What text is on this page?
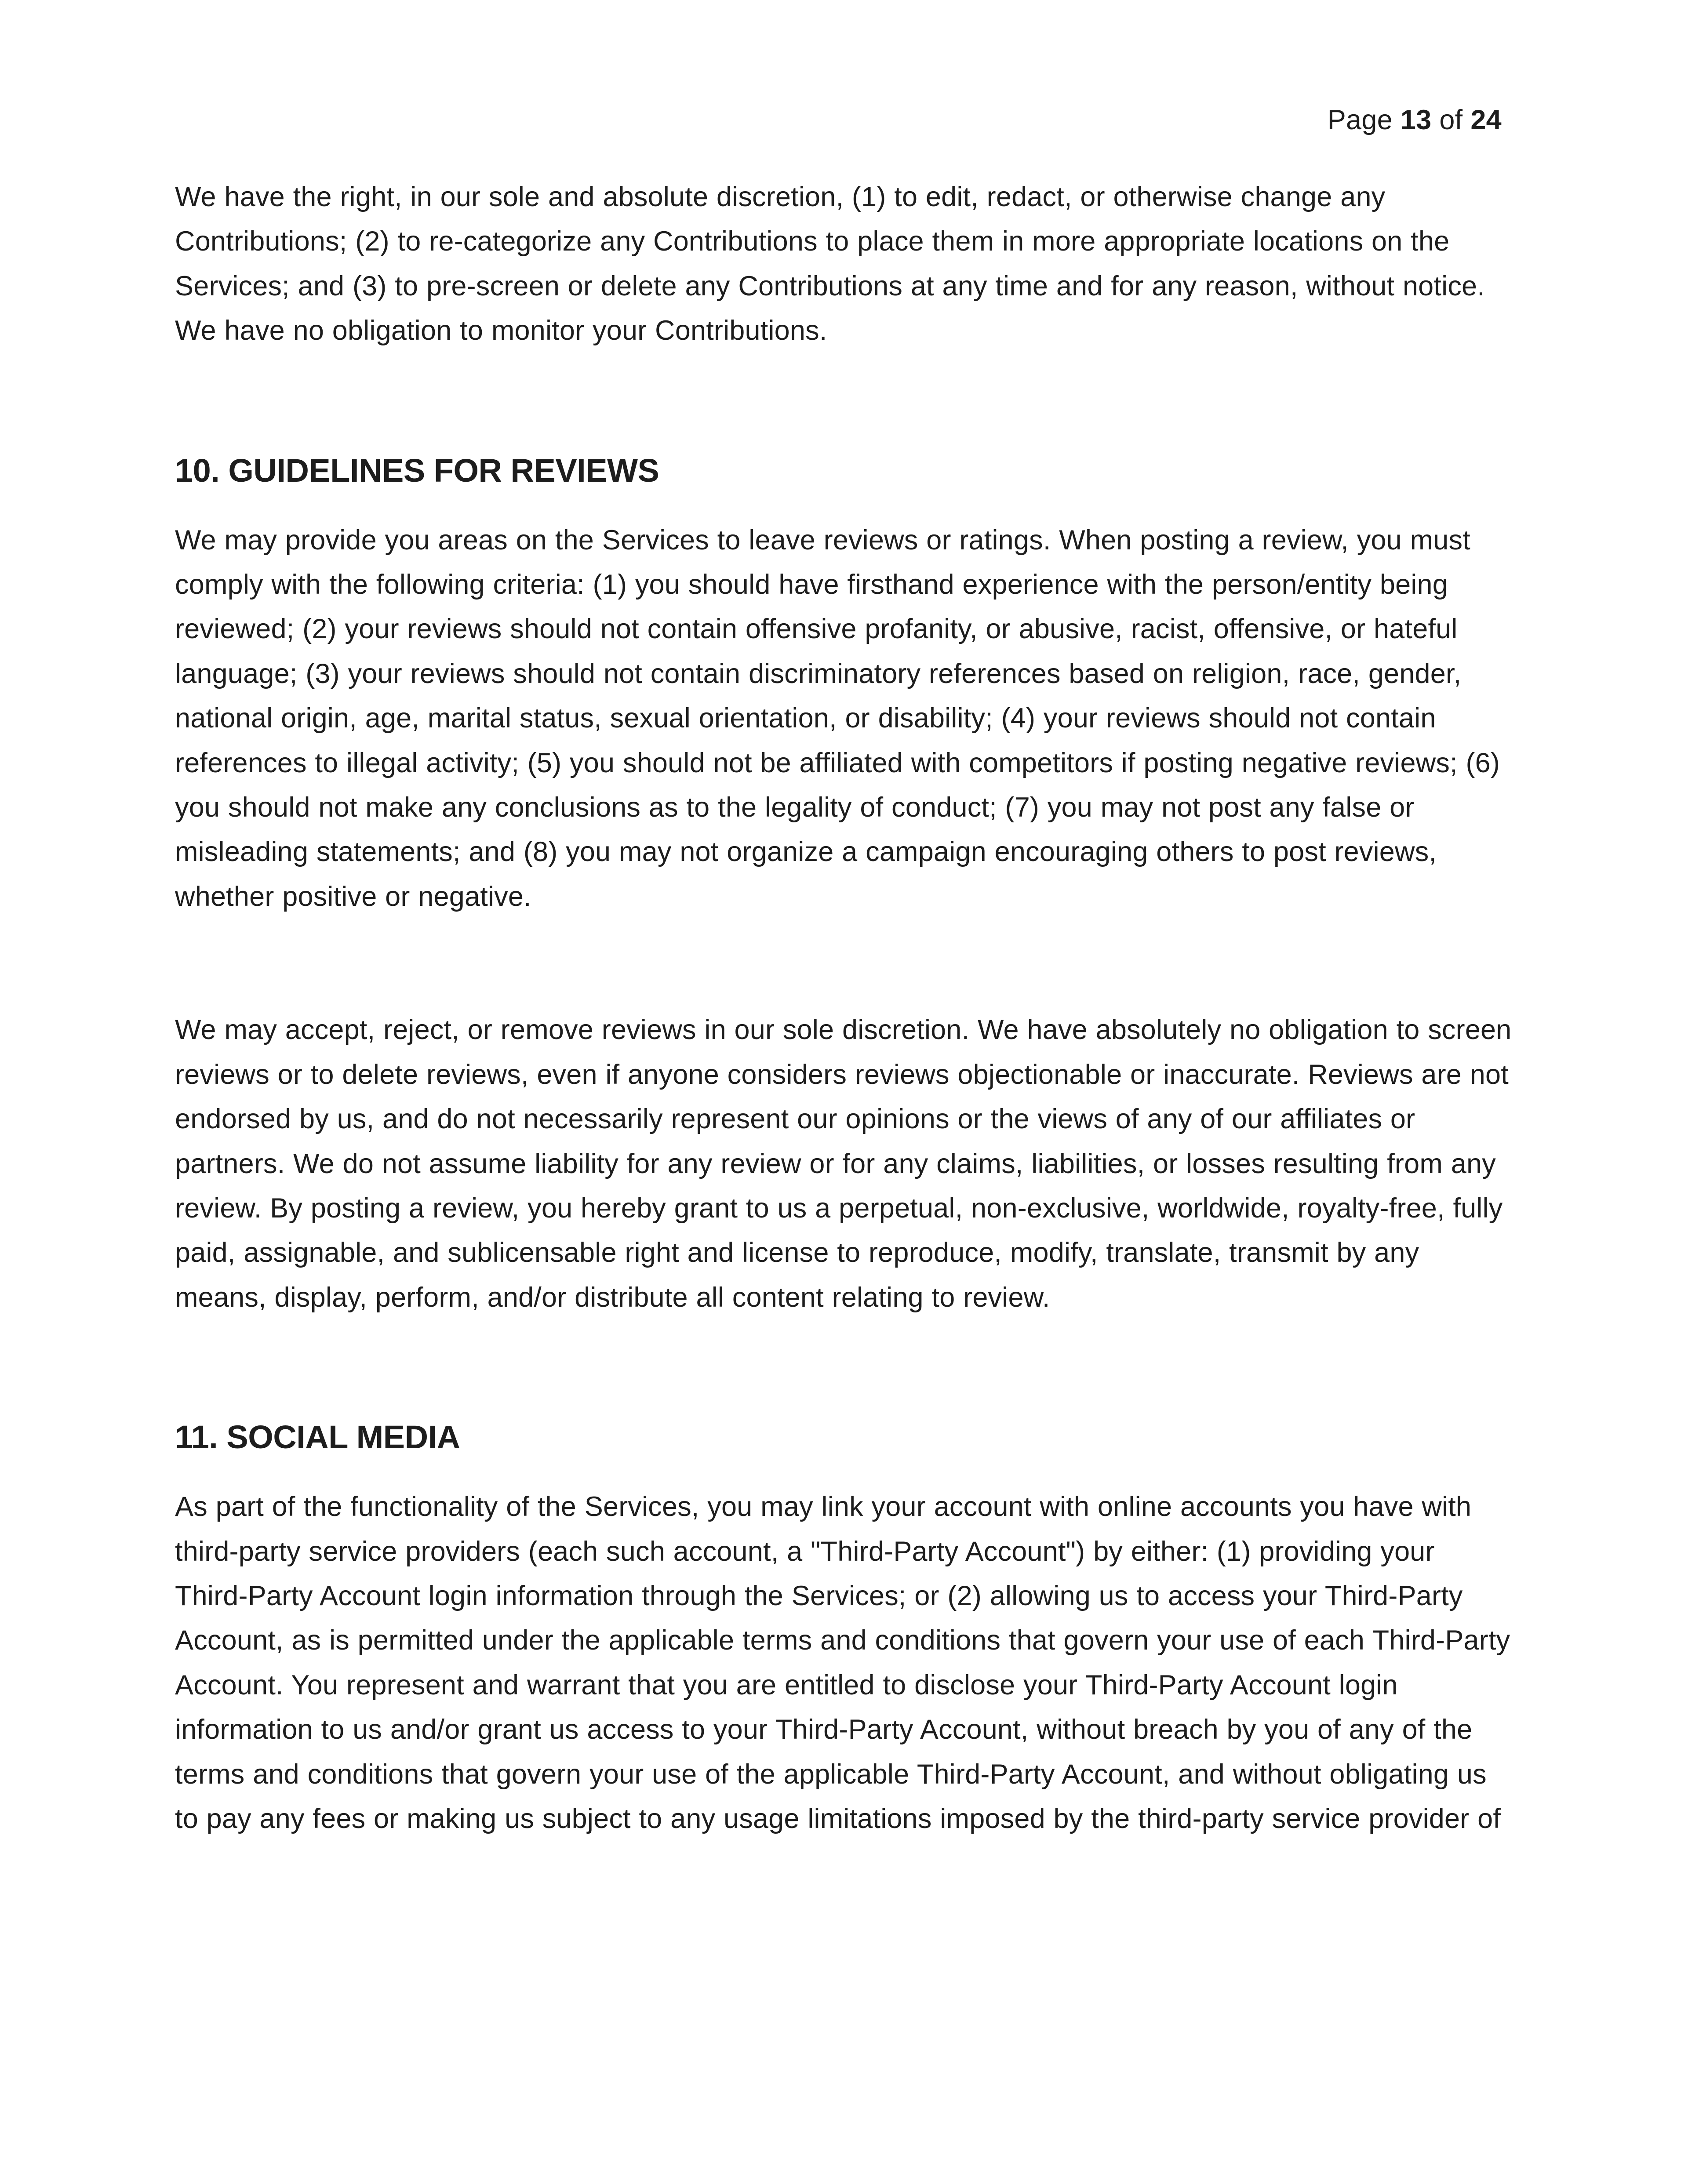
Page 13 of 24

We have the right, in our sole and absolute discretion, (1) to edit, redact, or otherwise change any Contributions; (2) to re-categorize any Contributions to place them in more appropriate locations on the Services; and (3) to pre-screen or delete any Contributions at any time and for any reason, without notice. We have no obligation to monitor your Contributions.

10. GUIDELINES FOR REVIEWS

We may provide you areas on the Services to leave reviews or ratings. When posting a review, you must comply with the following criteria: (1) you should have firsthand experience with the person/entity being reviewed; (2) your reviews should not contain offensive profanity, or abusive, racist, offensive, or hateful language; (3) your reviews should not contain discriminatory references based on religion, race, gender, national origin, age, marital status, sexual orientation, or disability; (4) your reviews should not contain references to illegal activity; (5) you should not be affiliated with competitors if posting negative reviews; (6) you should not make any conclusions as to the legality of conduct; (7) you may not post any false or misleading statements; and (8) you may not organize a campaign encouraging others to post reviews, whether positive or negative.

We may accept, reject, or remove reviews in our sole discretion. We have absolutely no obligation to screen reviews or to delete reviews, even if anyone considers reviews objectionable or inaccurate. Reviews are not endorsed by us, and do not necessarily represent our opinions or the views of any of our affiliates or partners. We do not assume liability for any review or for any claims, liabilities, or losses resulting from any review. By posting a review, you hereby grant to us a perpetual, non-exclusive, worldwide, royalty-free, fully paid, assignable, and sublicensable right and license to reproduce, modify, translate, transmit by any means, display, perform, and/or distribute all content relating to review.

11. SOCIAL MEDIA

As part of the functionality of the Services, you may link your account with online accounts you have with third-party service providers (each such account, a "Third-Party Account") by either: (1) providing your Third-Party Account login information through the Services; or (2) allowing us to access your Third-Party Account, as is permitted under the applicable terms and conditions that govern your use of each Third-Party Account. You represent and warrant that you are entitled to disclose your Third-Party Account login information to us and/or grant us access to your Third-Party Account, without breach by you of any of the terms and conditions that govern your use of the applicable Third-Party Account, and without obligating us to pay any fees or making us subject to any usage limitations imposed by the third-party service provider of
